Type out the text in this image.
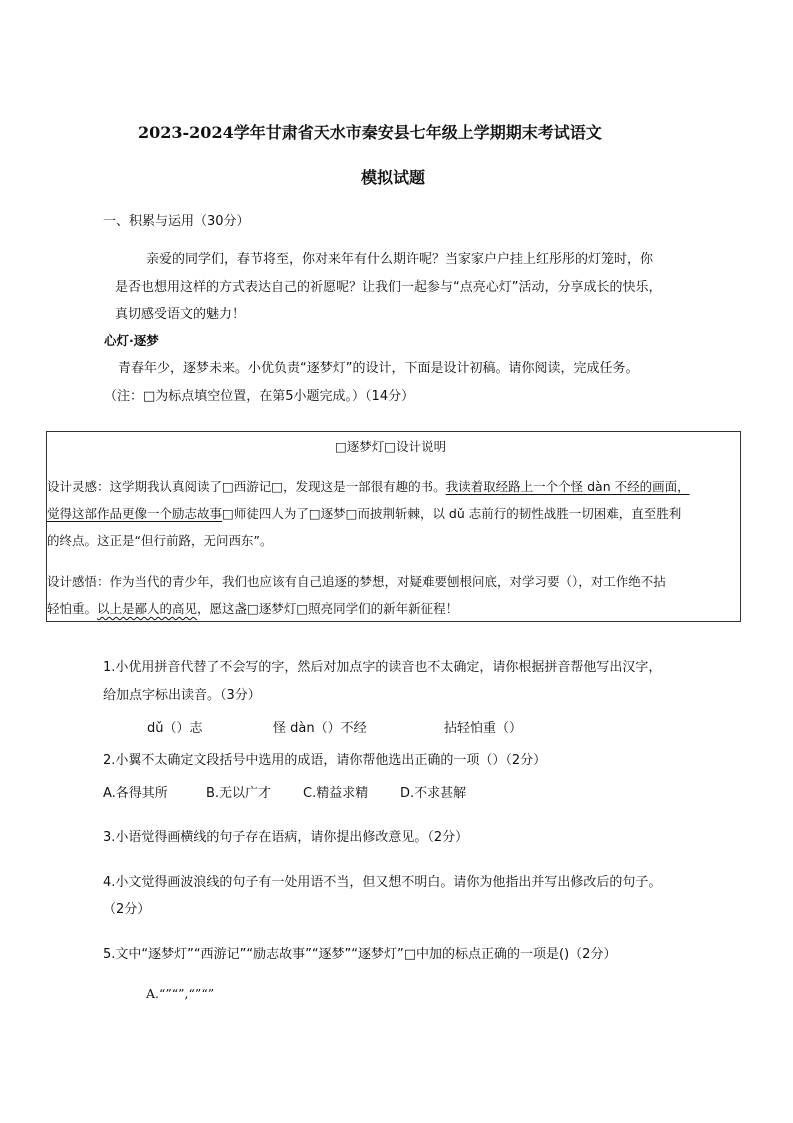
2023-2024学年甘肃省天水市秦安县七年级上学期期末考试语文
模拟试题
一、积累与运用（30分）
亲爱的同学们，春节将至，你对来年有什么期许呢？当家家户户挂上红彤彤的灯笼时，你
是否也想用这样的方式表达自己的祈愿呢？让我们一起参与“点亮心灯”活动，分享成长的快乐，
真切感受语文的魅力！
心灯·逐梦
青春年少，逐梦未来。小优负责“逐梦灯”的设计，下面是设计初稿。请你阅读，完成任务。
（注：□为标点填空位置，在第5小题完成。）（14分）
□逐梦灯□设计说明
设计灵感：这学期我认真阅读了□西游记□，发现这是一部很有趣的书。我读着取经路上一个个怪 dàn 不经的画面，
觉得这部作品更像一个励志故事□师徒四人为了□逐梦□而披荆斩棘，以 dǔ 志前行的韧性战胜一切困难，直至胜利
的终点。这正是“但行前路，无问西东”。
设计感悟：作为当代的青少年，我们也应该有自己追逐的梦想，对疑难要刨根问底，对学习要（），对工作绝不拈
轻怕重。以上是鄙人的高见，愿这盏□逐梦灯□照亮同学们的新年新征程！
1.小优用拼音代替了不会写的字，然后对加点字的读音也不太确定，请你根据拼音帮他写出汉字，
给加点字标出读音。（3分）
dǔ（）志	怪 dàn（）不经	拈轻怕重（）
2.小翼不太确定文段括号中选用的成语，请你帮他选出正确的一项（）（2分）
A.各得其所	B.无以广才 C.精益求精 D.不求甚解
3.小语觉得画横线的句子存在语病，请你提出修改意见。（2分）
4.小文觉得画波浪线的句子有一处用语不当，但又想不明白。请你为他指出并写出修改后的句子。
（2分）
5.文中“逐梦灯”“西游记”“励志故事”“逐梦”“逐梦灯”□中加的标点正确的一项是()（2分）
A.“”“”,“”“”
